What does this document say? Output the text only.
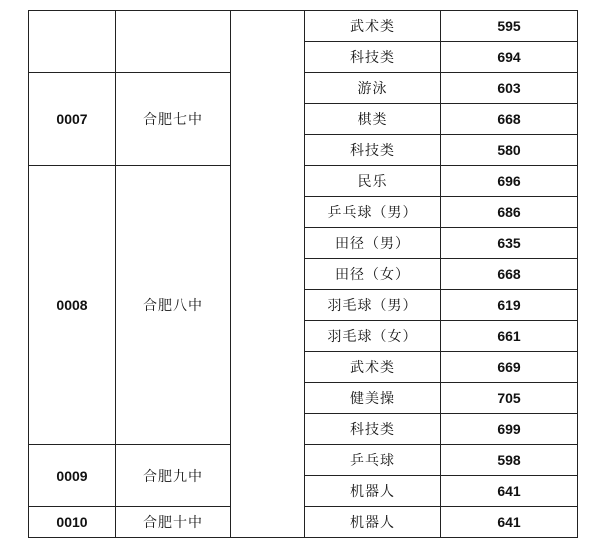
			武术类	595
			科技类	694
0007	合肥七中		游泳	603
			棋类	668
			科技类	580
0008	合肥八中		民乐	696
			乒乓球（男）	686
			田径（男）	635
			田径（女）	668
			羽毛球（男）	619
			羽毛球（女）	661
			武术类	669
			健美操	705
			科技类	699
0009	合肥九中		乒乓球	598
			机器人	641
0010	合肥十中		机器人	641
